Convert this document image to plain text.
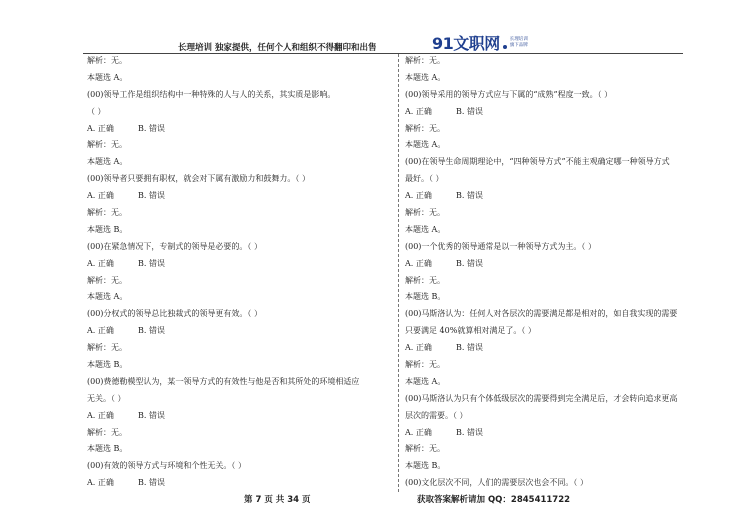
长理培训 独家提供，任何个人和组织不得翻印和出售	91文职网 长理培训
旗下品牌
解析：无。
本题选 A。
(00)领导工作是组织结构中一种特殊的人与人的关系，其实质是影响。
（ ）
A. 正确	B. 错误
解析：无。
本题选 A。
(00)领导者只要拥有职权，就会对下属有激励力和鼓舞力。（ ）
A. 正确	B. 错误
解析：无。
本题选 B。
(00)在紧急情况下，专制式的领导是必要的。（ ）
A. 正确	B. 错误
解析：无。
本题选 A。
(00)分权式的领导总比独裁式的领导更有效。（ ）
A. 正确	B. 错误
解析：无。
本题选 B。
(00)费德勒模型认为，某一领导方式的有效性与他是否和其所处的环境相适应
无关。（ ）
A. 正确	B. 错误
解析：无。
本题选 B。
(00)有效的领导方式与环境和个性无关。（ ）
A. 正确	B. 错误
解析：无。
本题选 A。
(00)领导采用的领导方式应与下属的“成熟”程度一致。（ ）
A. 正确	B. 错误
解析：无。
本题选 A。
(00)在领导生命周期理论中，“四种领导方式”不能主观确定哪一种领导方式
最好。（ ）
A. 正确	B. 错误
解析：无。
本题选 A。
(00)一个优秀的领导通常是以一种领导方式为主。（ ）
A. 正确	B. 错误
解析：无。
本题选 B。
(00)马斯洛认为：任何人对各层次的需要满足都是相对的，如自我实现的需要
只要满足 40%就算相对满足了。（ ）
A. 正确	B. 错误
解析：无。
本题选 A。
(00)马斯洛认为只有个体低级层次的需要得到完全满足后，才会转向追求更高
层次的需要。（ ）
A. 正确	B. 错误
解析：无。
本题选 B。
(00)文化层次不同，人们的需要层次也会不同。（ ）
第 7 页 共 34 页	获取答案解析请加 QQ：2845411722
